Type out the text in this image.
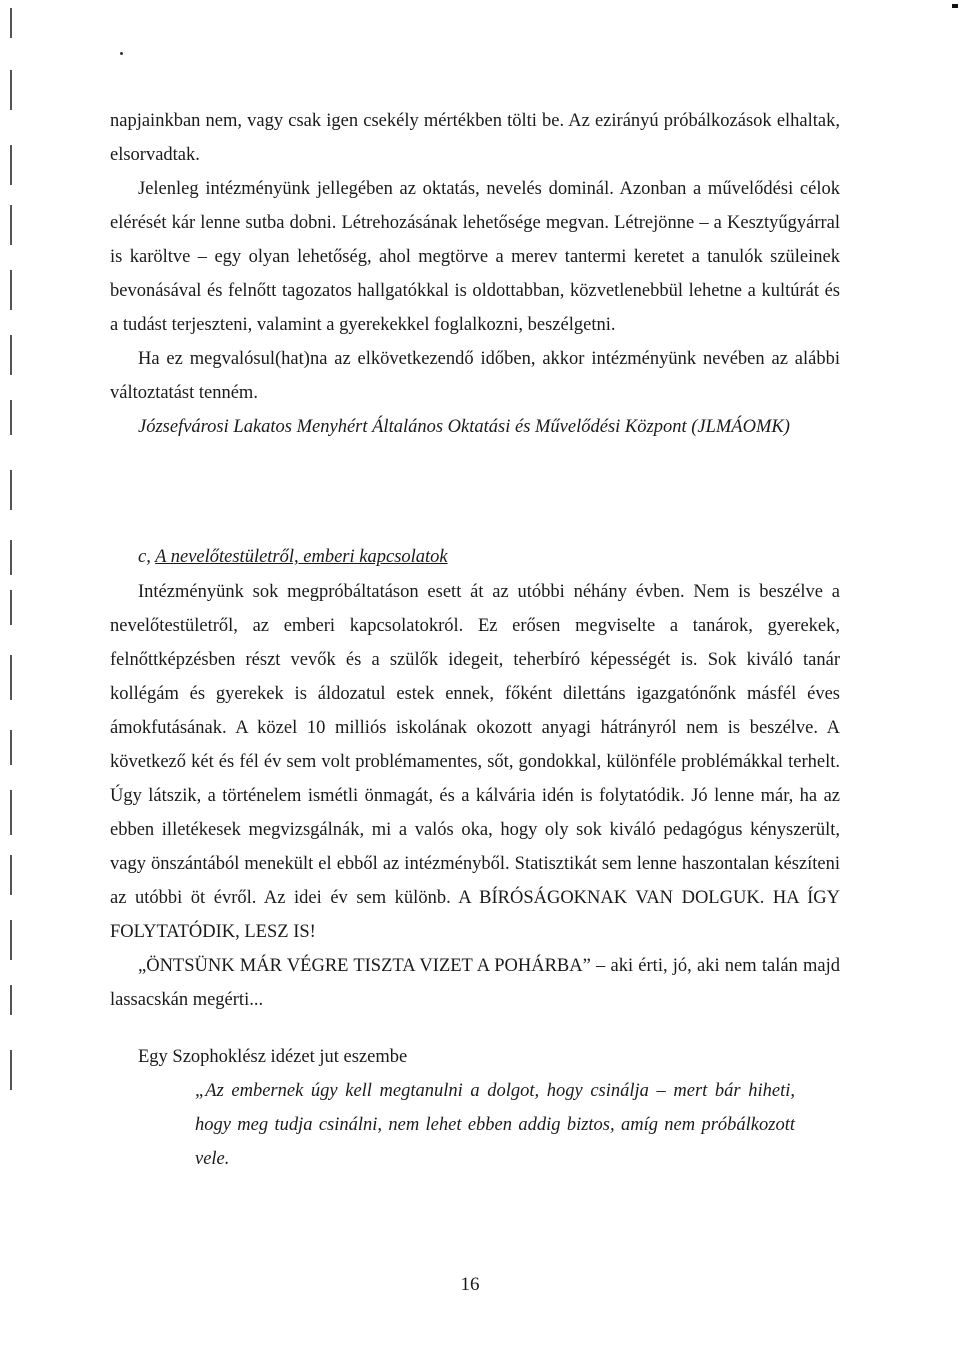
napjainkban nem, vagy csak igen csekély mértékben tölti be. Az ezirányú próbálkozások elhaltak, elsorvadtak.

Jelenleg intézményünk jellegében az oktatás, nevelés dominál. Azonban a művelődési célok elérését kár lenne sutba dobni. Létrehozásának lehetősége megvan. Létrejönne – a Kesztyűgyárral is karöltve – egy olyan lehetőség, ahol megtörve a merev tantermi keretet a tanulók szüleinek bevonásával és felnőtt tagozatos hallgatókkal is oldottabban, közvetlenebbül lehetne a kultúrát és a tudást terjeszteni, valamint a gyerekekkel foglalkozni, beszélgetni.

Ha ez megvalósul(hat)na az elkövetkezendő időben, akkor intézményünk nevében az alábbi változtatást tenném.

Józsefvárosi Lakatos Menyhért Általános Oktatási és Művelődési Központ (JLMÁOMK)

c, A nevelőtestületről, emberi kapcsolatok

Intézményünk sok megpróbáltatáson esett át az utóbbi néhány évben. Nem is beszélve a nevelőtestületről, az emberi kapcsolatokról. Ez erősen megviselte a tanárok, gyerekek, felnőttképzésben részt vevők és a szülők idegeit, teherbíró képességét is. Sok kiváló tanár kollégám és gyerekek is áldozatul estek ennek, főként dilettáns igazgatónőnk másfél éves ámokfutásának. A közel 10 milliós iskolának okozott anyagi hátrányról nem is beszélve. A következő két és fél év sem volt problémamentes, sőt, gondokkal, különféle problémákkal terhelt. Úgy látszik, a történelem ismétli önmagát, és a kálvária idén is folytatódik. Jó lenne már, ha az ebben illetékesek megvizsgálnák, mi a valós oka, hogy oly sok kiváló pedagógus kényszerült, vagy önszántából menekült el ebből az intézményből. Statisztikát sem lenne haszontalan készíteni az utóbbi öt évről. Az idei év sem különb. A BÍRÓSÁGOKNAK VAN DOLGUK. HA ÍGY FOLYTATÓDIK, LESZ IS!

„ÖNTSÜNK MÁR VÉGRE TISZTA VIZET A POHÁRBA” – aki érti, jó, aki nem talán majd lassacskán megérti...

Egy Szophoklész idézet jut eszembe
„Az embernek úgy kell megtanulni a dolgot, hogy csinálja – mert bár hiheti, hogy meg tudja csinálni, nem lehet ebben addig biztos, amíg nem próbálkozott vele.
16
